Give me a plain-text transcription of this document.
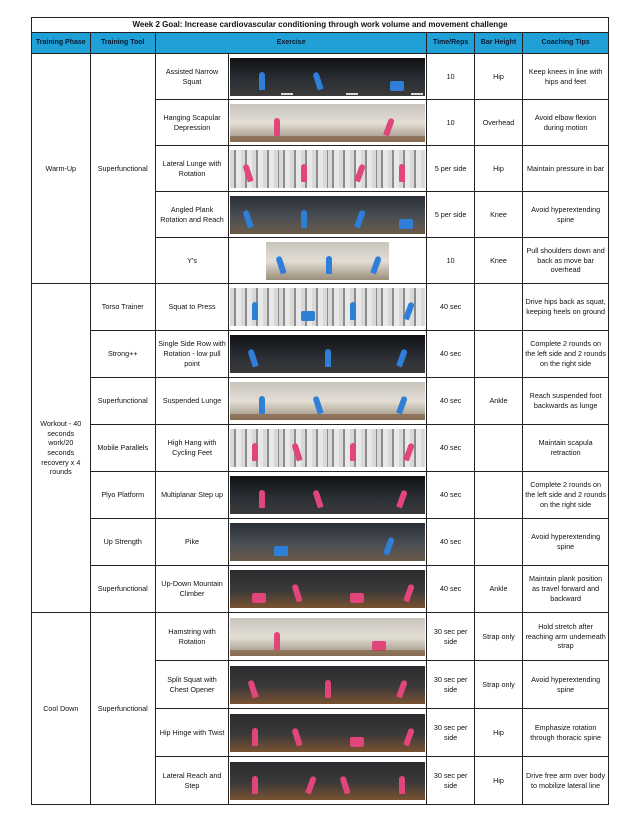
Week 2 Goal: Increase cardiovascular conditioning through work volume and movement challenge						
Training Phase	Training Tool	Exercise		Time/Reps	Bar Height	Coaching Tips
Warm-Up	Superfunctional	Assisted Narrow Squat		10	Hip	Keep knees in line with hips and feet
		Hanging Scapular Depression		10	Overhead	Avoid elbow flexion during motion
		Lateral Lunge with Rotation		5 per side	Hip	Maintain pressure in bar
		Angled Plank Rotation and Reach		5 per side	Knee	Avoid hyperextending spine
		Y's		10	Knee	Pull shoulders down and back as move bar overhead
Workout - 40 seconds work/20 seconds recovery x 4 rounds	Torso Trainer	Squat to Press		40 sec		Drive hips back as squat, keeping heels on ground
	Strong++	Single Side Row with Rotation - low pull point		40 sec		Complete 2 rounds on the left side and 2 rounds on the right side
	Superfunctional	Suspended Lunge		40 sec	Ankle	Reach suspended foot backwards as lunge
	Mobile Parallels	High Hang with Cycling Feet		40 sec		Maintain scapula retraction
	Plyo Platform	Multiplanar Step up		40 sec		Complete 2 rounds on the left side and 2 rounds on the right side
	Up Strength	Pike		40 sec		Avoid hyperextending spine
	Superfunctional	Up-Down Mountain Climber		40 sec	Ankle	Maintain plank position as travel forward and backward
Cool Down	Superfunctional	Hamstring with Rotation		30 sec per side	Strap only	Hold stretch after reaching arm underneath strap
		Split Squat with Chest Opener		30 sec per side	Strap only	Avoid hyperextending spine
		Hip Hinge with Twist		30 sec per side	Hip	Emphasize rotation through thoracic spine
		Lateral Reach and Step		30 sec per side	Hip	Drive free arm over body to mobilize lateral line
